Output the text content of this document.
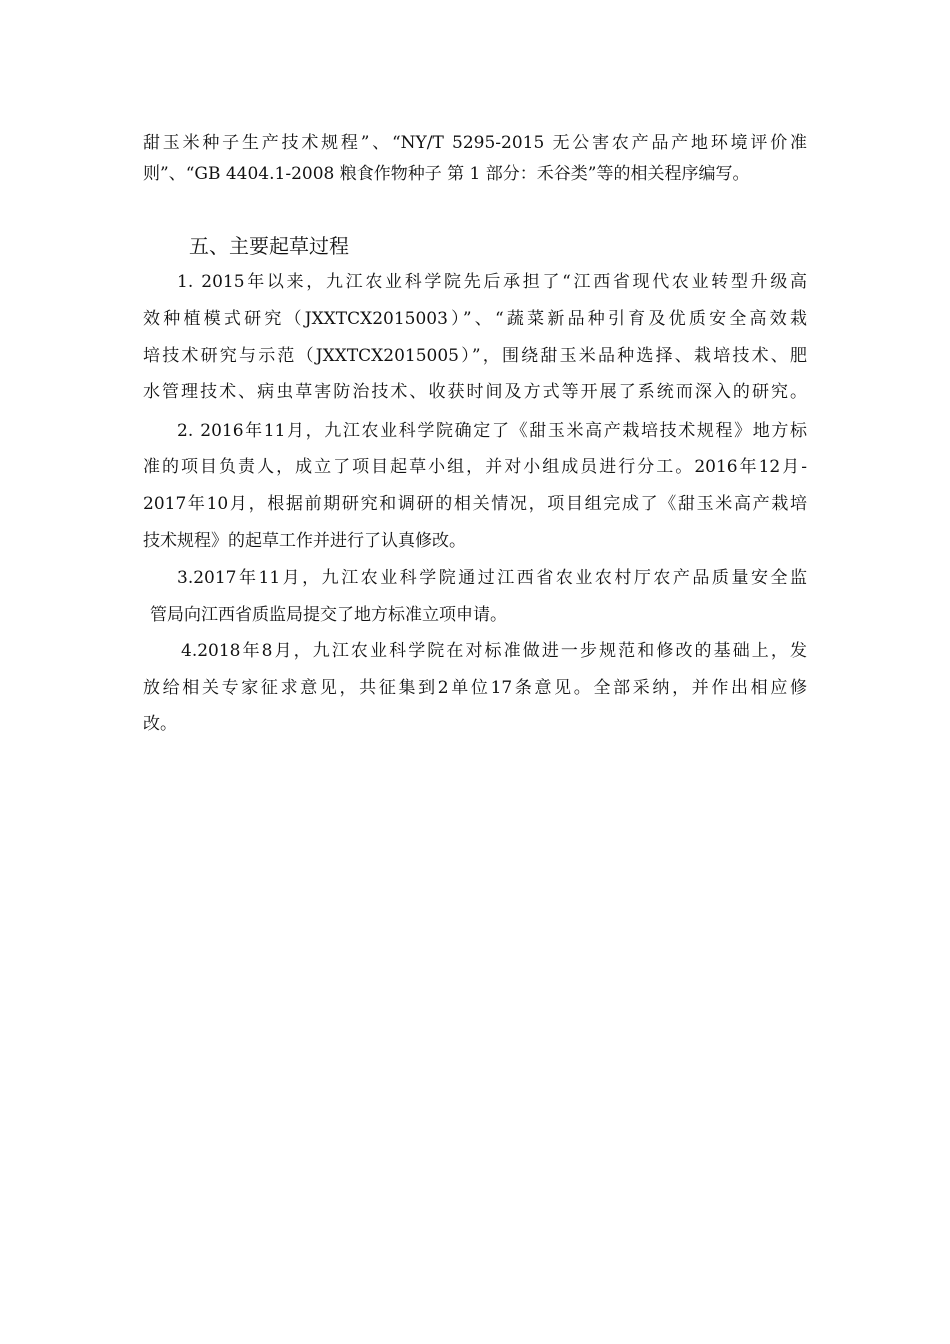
甜玉米种子生产技术规程”、“NY/T 5295-2015 无公害农产品产地环境评价准
则”、“GB 4404.1-2008 粮食作物种子 第 1 部分：禾谷类”等的相关程序编写。
五、主要起草过程
1. 2015年以来，九江农业科学院先后承担了“江西省现代农业转型升级高
效种植模式研究（JXXTCX2015003）”、“蔬菜新品种引育及优质安全高效栽
培技术研究与示范（JXXTCX2015005）”，围绕甜玉米品种选择、栽培技术、肥
水管理技术、病虫草害防治技术、收获时间及方式等开展了系统而深入的研究。
2. 2016年11月，九江农业科学院确定了《甜玉米高产栽培技术规程》地方标
准的项目负责人，成立了项目起草小组，并对小组成员进行分工。2016年12月-
2017年10月，根据前期研究和调研的相关情况，项目组完成了《甜玉米高产栽培
技术规程》的起草工作并进行了认真修改。
3.2017年11月，九江农业科学院通过江西省农业农村厅农产品质量安全监
管局向江西省质监局提交了地方标准立项申请。
4.2018年8月，九江农业科学院在对标准做进一步规范和修改的基础上，发
放给相关专家征求意见，共征集到2单位17条意见。全部采纳，并作出相应修
改。
